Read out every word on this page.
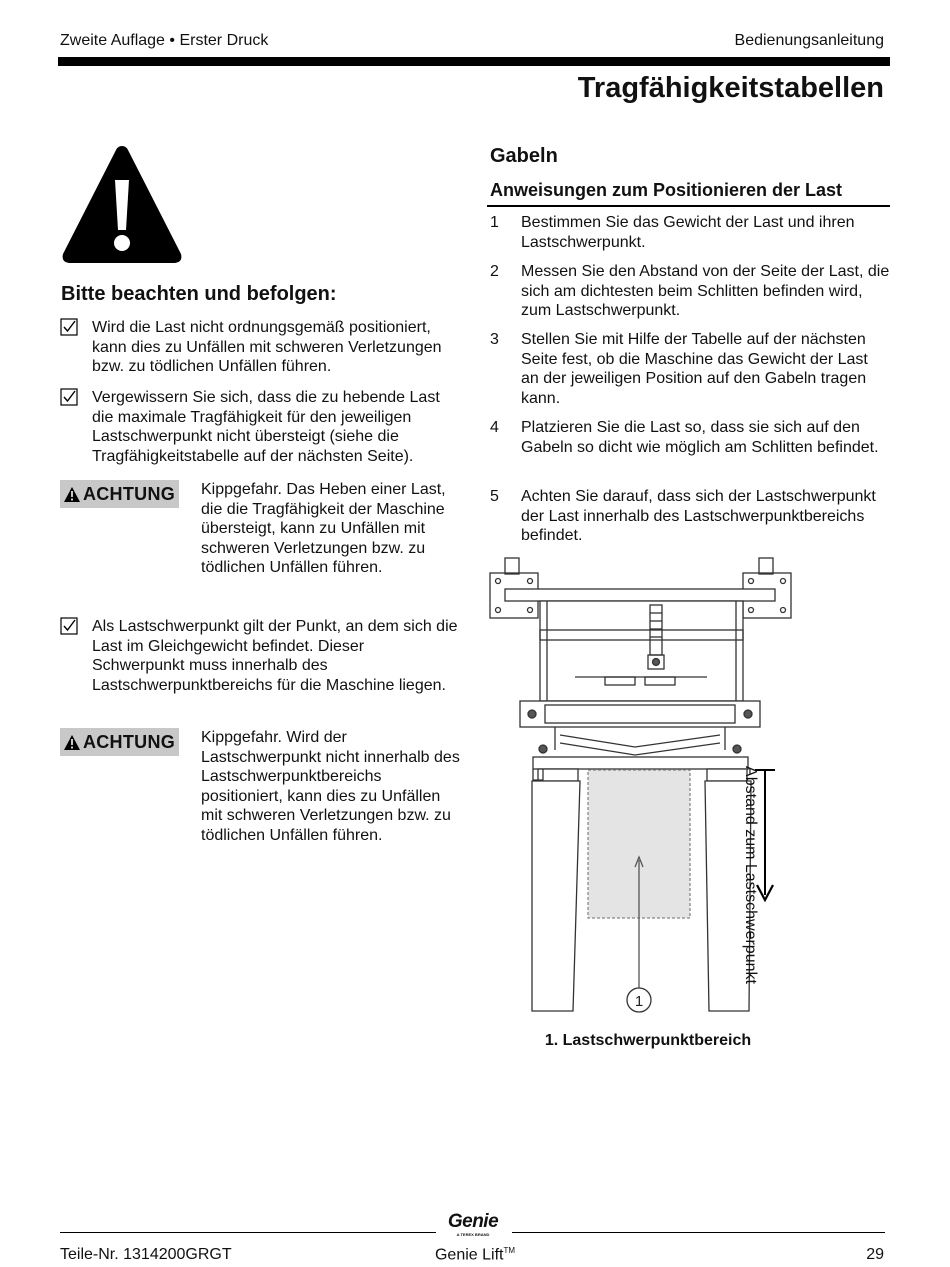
Zweite Auflage • Erster Druck	Bedienungsanleitung
Tragfähigkeitstabellen
Bitte beachten und befolgen:
Wird die Last nicht ordnungsgemäß positioniert, kann dies zu Unfällen mit schweren Verletzungen bzw. zu tödlichen Unfällen führen.
Vergewissern Sie sich, dass die zu hebende Last die maximale Tragfähigkeit für den jeweiligen Lastschwerpunkt nicht übersteigt (siehe die Tragfähigkeitstabelle auf der nächsten Seite).
ACHTUNG Kippgefahr. Das Heben einer Last, die die Tragfähigkeit der Maschine übersteigt, kann zu Unfällen mit schweren Verletzungen bzw. zu tödlichen Unfällen führen.
Als Lastschwerpunkt gilt der Punkt, an dem sich die Last im Gleichgewicht befindet. Dieser Schwerpunkt muss innerhalb des Lastschwerpunktbereichs für die Maschine liegen.
ACHTUNG Kippgefahr. Wird der Lastschwerpunkt nicht innerhalb des Lastschwerpunktbereichs positioniert, kann dies zu Unfällen mit schweren Verletzungen bzw. zu tödlichen Unfällen führen.
Gabeln
Anweisungen zum Positionieren der Last
1 Bestimmen Sie das Gewicht der Last und ihren Lastschwerpunkt.
2 Messen Sie den Abstand von der Seite der Last, die sich am dichtesten beim Schlitten befinden wird, zum Lastschwerpunkt.
3 Stellen Sie mit Hilfe der Tabelle auf der nächsten Seite fest, ob die Maschine das Gewicht der Last an der jeweiligen Position auf den Gabeln tragen kann.
4 Platzieren Sie die Last so, dass sie sich auf den Gabeln so dicht wie möglich am Schlitten befindet.
5 Achten Sie darauf, dass sich der Lastschwerpunkt der Last innerhalb des Lastschwerpunktbereichs befindet.
1
Abstand zum Lastschwerpunkt
1. Lastschwerpunktbereich
Genie
A TEREX BRAND
Teile-Nr. 1314200GRGT	Genie Lift™	29
